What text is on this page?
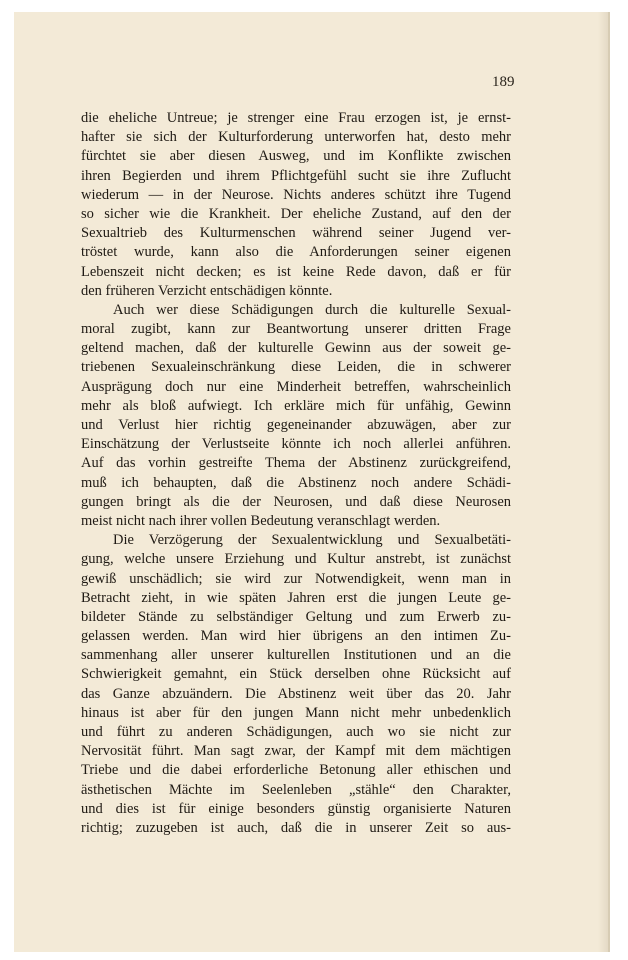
189
die eheliche Untreue; je strenger eine Frau erzogen ist, je ernst-
hafter sie sich der Kulturforderung unterworfen hat, desto mehr
fürchtet sie aber diesen Ausweg, und im Konflikte zwischen
ihren Begierden und ihrem Pflichtgefühl sucht sie ihre Zuflucht
wiederum — in der Neurose. Nichts anderes schützt ihre Tugend
so sicher wie die Krankheit. Der eheliche Zustand, auf den der
Sexualtrieb des Kulturmenschen während seiner Jugend ver-
tröstet wurde, kann also die Anforderungen seiner eigenen
Lebenszeit nicht decken; es ist keine Rede davon, daß er für
den früheren Verzicht entschädigen könnte.
Auch wer diese Schädigungen durch die kulturelle Sexual-
moral zugibt, kann zur Beantwortung unserer dritten Frage
geltend machen, daß der kulturelle Gewinn aus der soweit ge-
triebenen Sexualeinschränkung diese Leiden, die in schwerer
Ausprägung doch nur eine Minderheit betreffen, wahrscheinlich
mehr als bloß aufwiegt. Ich erkläre mich für unfähig, Gewinn
und Verlust hier richtig gegeneinander abzuwägen, aber zur
Einschätzung der Verlustseite könnte ich noch allerlei anführen.
Auf das vorhin gestreifte Thema der Abstinenz zurückgreifend,
muß ich behaupten, daß die Abstinenz noch andere Schädi-
gungen bringt als die der Neurosen, und daß diese Neurosen
meist nicht nach ihrer vollen Bedeutung veranschlagt werden.
Die Verzögerung der Sexualentwicklung und Sexualbetäti-
gung, welche unsere Erziehung und Kultur anstrebt, ist zunächst
gewiß unschädlich; sie wird zur Notwendigkeit, wenn man in
Betracht zieht, in wie späten Jahren erst die jungen Leute ge-
bildeter Stände zu selbständiger Geltung und zum Erwerb zu-
gelassen werden. Man wird hier übrigens an den intimen Zu-
sammenhang aller unserer kulturellen Institutionen und an die
Schwierigkeit gemahnt, ein Stück derselben ohne Rücksicht auf
das Ganze abzuändern. Die Abstinenz weit über das 20. Jahr
hinaus ist aber für den jungen Mann nicht mehr unbedenklich
und führt zu anderen Schädigungen, auch wo sie nicht zur
Nervosität führt. Man sagt zwar, der Kampf mit dem mächtigen
Triebe und die dabei erforderliche Betonung aller ethischen und
ästhetischen Mächte im Seelenleben „stähle“ den Charakter,
und dies ist für einige besonders günstig organisierte Naturen
richtig; zuzugeben ist auch, daß die in unserer Zeit so aus-
